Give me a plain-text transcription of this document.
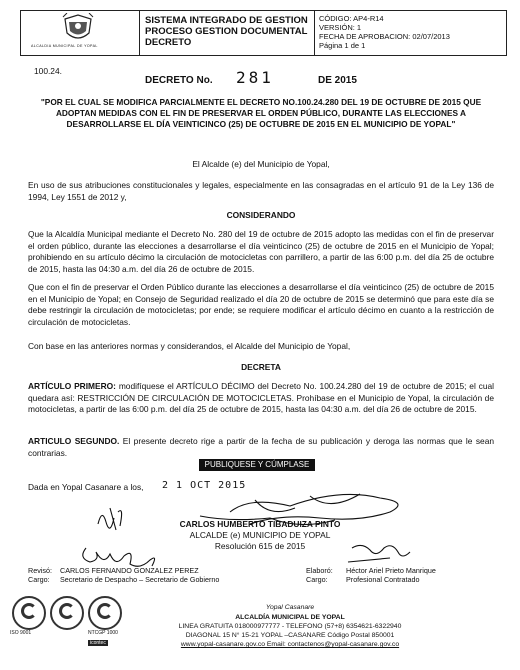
ALCALDIA MUNICIPAL DE YOPAL
SISTEMA INTEGRADO DE GESTION
PROCESO GESTION DOCUMENTAL
DECRETO
CÓDIGO: AP4-R14
VERSIÓN: 1
FECHA DE APROBACION: 02/07/2013
Página 1 de 1
100.24.
DECRETO No. 281	DE 2015
"POR EL CUAL SE MODIFICA PARCIALMENTE EL DECRETO NO.100.24.280 DEL 19 DE OCTUBRE DE 2015 QUE ADOPTAN MEDIDAS CON EL FIN DE PRESERVAR EL ORDEN PÚBLICO, DURANTE LAS ELECCIONES A DESARROLLARSE EL DÍA VEINTICINCO (25) DE OCTUBRE DE 2015 EN EL MUNICIPIO DE YOPAL"
El Alcalde (e) del Municipio de Yopal,
En uso de sus atribuciones constitucionales y legales, especialmente en las consagradas en el artículo 91 de la Ley 136 de 1994, Ley 1551 de 2012 y,
CONSIDERANDO
Que la Alcaldía Municipal mediante el Decreto No. 280 del 19 de octubre de 2015 adopto las medidas con el fin de preservar el orden público, durante las elecciones a desarrollarse el día veinticinco (25) de octubre de 2015 en el Municipio de Yopal; prohibiendo en su artículo décimo la circulación de motocicletas con parrillero, a partir de las 6:00 p.m. del día 25 de octubre de 2015, hasta las 04:30 a.m. del día 26 de octubre de 2015.
Que con el fin de preservar el Orden Público durante las elecciones a desarrollarse el día veinticinco (25) de octubre de 2015 en el Municipio de Yopal; en Consejo de Seguridad realizado el día 20 de octubre de 2015 se determinó que para este día se debe restringir la circulación de motocicletas; por ende; se requiere modificar el artículo décimo en cuanto a la restricción de circulación de motocicletas.
Con base en las anteriores normas y considerandos, el Alcalde del Municipio de Yopal,
DECRETA
ARTÍCULO PRIMERO: modifíquese el ARTÍCULO DÉCIMO del Decreto No. 100.24.280 del 19 de octubre de 2015; el cual quedara así: RESTRICCIÓN DE CIRCULACIÓN DE MOTOCICLETAS. Prohíbase en el Municipio de Yopal, la circulación de motocicletas, a partir de las 6:00 p.m. del día 25 de octubre de 2015, hasta las 04:30 a.m. del día 26 de octubre de 2015.
ARTICULO SEGUNDO. El presente decreto rige a partir de la fecha de su publicación y deroga las normas que le sean contrarias.
PUBLIQUESE Y CÚMPLASE
Dada en Yopal Casanare a los, 2 1 OCT 2015
CARLOS HUMBERTO TIBADUIZA PINTO
ALCALDE (e) MUNICIPIO DE YOPAL
Resolución 615 de 2015
Revisó: CARLOS FERNANDO GONZALEZ PEREZ
Cargo: Secretario de Despacho – Secretario de Gobierno
Elaboró: Héctor Ariel Prieto Manrique
Cargo:	Profesional Contratado
ISO 9001	NTCGP 1000
icontec
Yopal Casanare
ALCALDÍA MUNICIPAL DE YOPAL
LINEA GRATUITA 018000977777 - TELEFONO (57+8) 6354621-6322940
DIAGONAL 15 N° 15-21 YOPAL –CASANARE Código Postal 850001
www.yopal-casanare.gov.co Email: contactenos@yopal-casanare.gov.co
